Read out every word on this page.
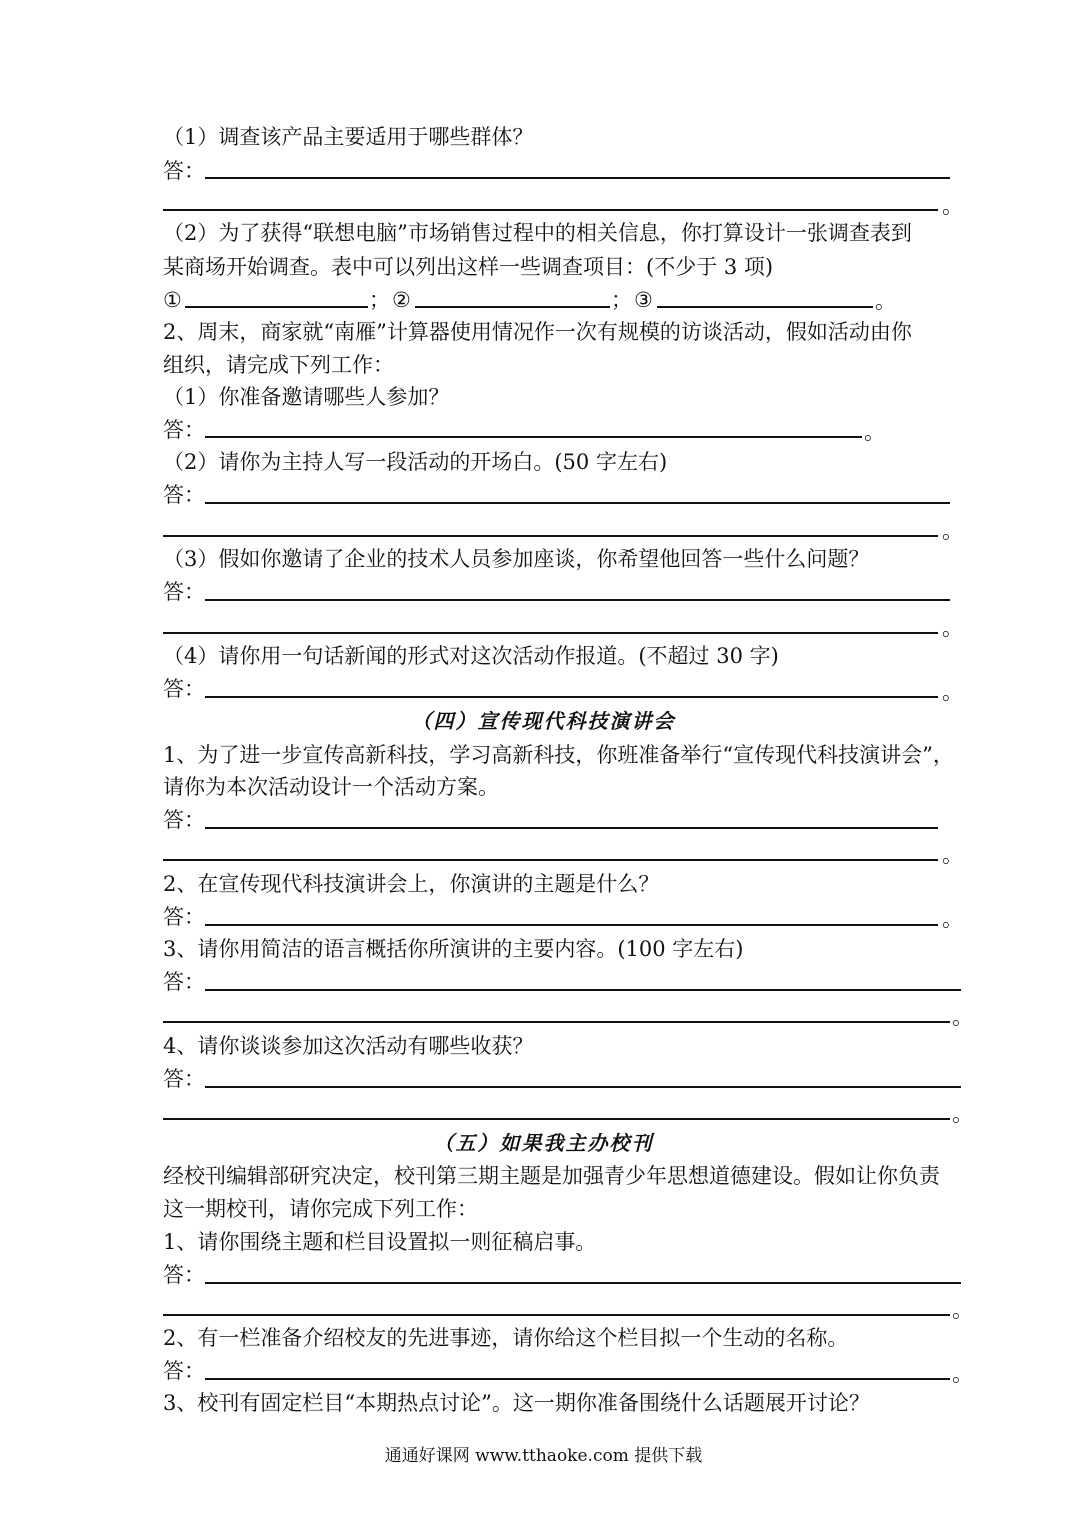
（1）调查该产品主要适用于哪些群体？
答：
。
（2）为了获得“联想电脑”市场销售过程中的相关信息，你打算设计一张调查表到
某商场开始调查。表中可以列出这样一些调查项目：(不少于 3 项)
①	； ②	； ③	。
2、周末，商家就“南雁”计算器使用情况作一次有规模的访谈活动，假如活动由你
组织，请完成下列工作：
（1）你准备邀请哪些人参加？
答：	。
（2）请你为主持人写一段活动的开场白。(50 字左右)
答：
。
（3）假如你邀请了企业的技术人员参加座谈，你希望他回答一些什么问题？
答：
。
（4）请你用一句话新闻的形式对这次活动作报道。(不超过 30 字)
答：	。
（四）宣传现代科技演讲会
1、为了进一步宣传高新科技，学习高新科技，你班准备举行“宣传现代科技演讲会”，
请你为本次活动设计一个活动方案。
答：
。
2、在宣传现代科技演讲会上，你演讲的主题是什么？
答：	。
3、请你用简洁的语言概括你所演讲的主要内容。(100 字左右)
答：
。
4、请你谈谈参加这次活动有哪些收获？
答：
。
（五）如果我主办校刊
经校刊编辑部研究决定，校刊第三期主题是加强青少年思想道德建设。假如让你负责
这一期校刊，请你完成下列工作：
1、请你围绕主题和栏目设置拟一则征稿启事。
答：
。
2、有一栏准备介绍校友的先进事迹，请你给这个栏目拟一个生动的名称。
答：	。
3、校刊有固定栏目“本期热点讨论”。这一期你准备围绕什么话题展开讨论？
通通好课网 www.tthaoke.com 提供下载
